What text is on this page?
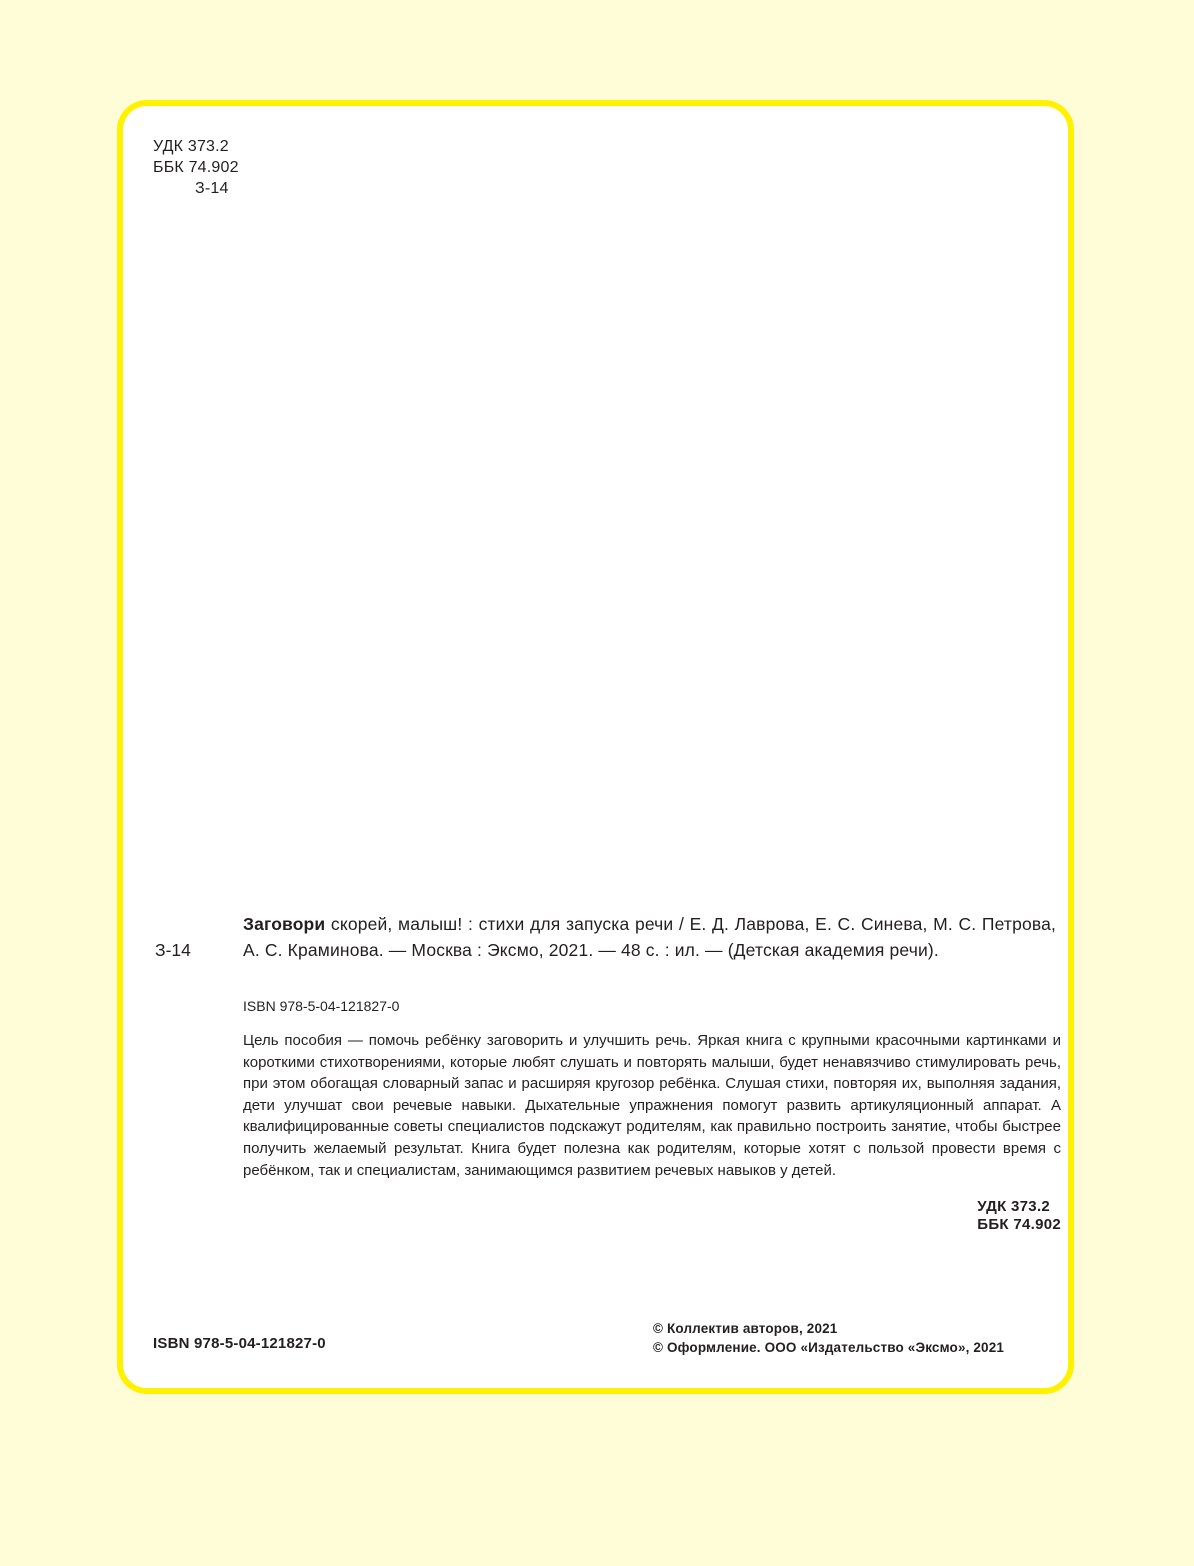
УДК 373.2
ББК 74.902
З-14
З-14
Заговори скорей, малыш! : стихи для запуска речи / Е. Д. Лаврова, Е. С. Синева, М. С. Петрова, А. С. Краминова. — Москва : Эксмо, 2021. — 48 с. : ил. — (Детская академия речи).
ISBN 978-5-04-121827-0

Цель пособия — помочь ребёнку заговорить и улучшить речь. Яркая книга с крупными красочными картинками и короткими стихотворениями, которые любят слушать и повторять малыши, будет ненавязчиво стимулировать речь, при этом обогащая словарный запас и расширяя кругозор ребёнка. Слушая стихи, повторяя их, выполняя задания, дети улучшат свои речевые навыки. Дыхательные упражнения помогут развить артикуляционный аппарат. А квалифицированные советы специалистов подскажут родителям, как правильно построить занятие, чтобы быстрее получить желаемый результат. Книга будет полезна как родителям, которые хотят с пользой провести время с ребёнком, так и специалистам, занимающимся развитием речевых навыков у детей.

УДК 373.2
ББК 74.902
ISBN 978-5-04-121827-0
© Коллектив авторов, 2021
© Оформление. ООО «Издательство «Эксмо», 2021
